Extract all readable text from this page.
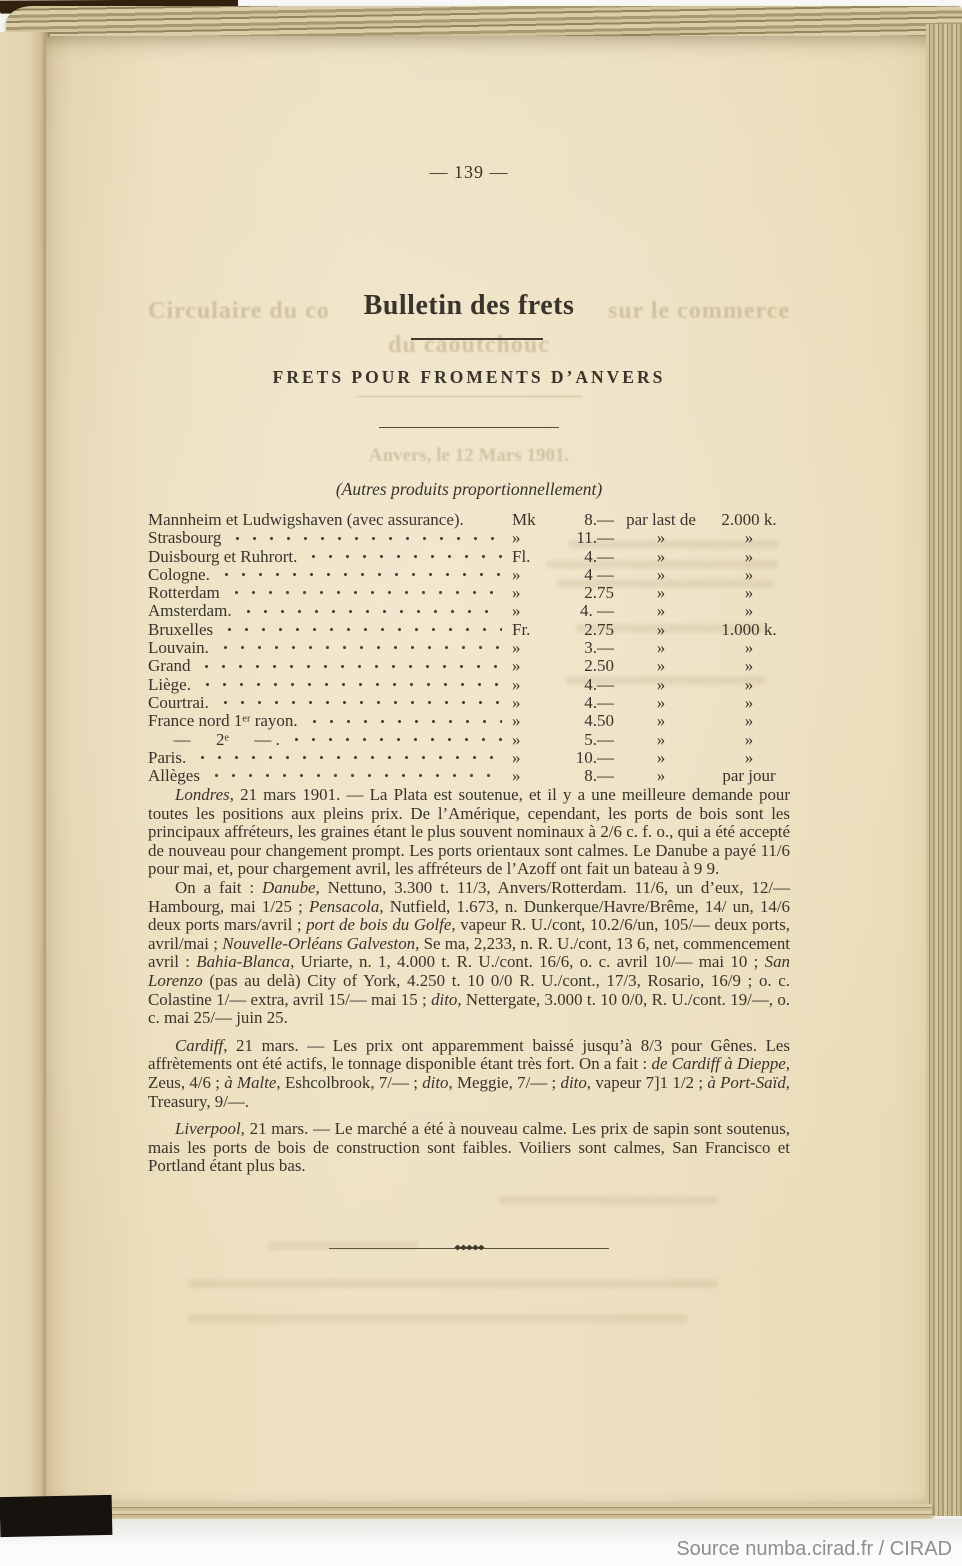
Circulaire du co	sur le commerce
du caoutchouc
Anvers, le 12 Mars 1901.
— 139 —
Bulletin des frets
FRETS POUR FROMENTS D’ANVERS
(Autres produits proportionnellement)
Mannheim et Ludwigshaven (avec assurance).	Mk	8.— par last de	2.000 k.
Strasbourg	»	11.—	»	»
Duisbourg et Ruhrort.	Fl.	4.—	»	»
Cologne.	»	4 —	»	»
Rotterdam	»	2.75	»	»
Amsterdam.	»	4. —	»	»
Bruxelles	Fr.	2.75	»	1.000 k.
Louvain.	»	3.—	»	»
Grand	»	2.50	»	»
Liège.	»	4.—	»	»
Courtrai.	»	4.—	»	»
France nord 1ᵉʳ rayon.	»	4.50	»	»
—      2ᵉ      — .	»	5.—	»	»
Paris.	»	10.—	»	»
Allèges	»	8.—	»	par jour

Londres, 21 mars 1901. — La Plata est soutenue, et il y a une meilleure demande pour toutes les positions aux pleins prix. De l’Amérique, cependant, les ports de bois sont les principaux affréteurs, les graines étant le plus souvent nominaux à 2/6 c. f. o., qui a été accepté de nouveau pour changement prompt. Les ports orientaux sont calmes. Le Danube a payé 11/6 pour mai, et, pour chargement avril, les affréteurs de l’Azoff ont fait un bateau à 9 9.

On a fait : Danube, Nettuno, 3.300 t. 11/3, Anvers/Rotterdam. 11/6, un d’eux, 12/— Hambourg, mai 1/25 ; Pensacola, Nutfield, 1.673, n. Dunkerque/Havre/Brême, 14/ un, 14/6 deux ports mars/avril ; port de bois du Golfe, vapeur R. U./cont, 10.2/6/un, 105/— deux ports, avril/mai ; Nouvelle-Orléans Galveston, Se ma, 2,233, n. R. U./cont, 13 6, net, commencement avril : Bahia-Blanca, Uriarte, n. 1, 4.000 t. R. U./cont. 16/6, o. c. avril 10/— mai 10 ; San Lorenzo (pas au delà) City of York, 4.250 t. 10 0/0 R. U./cont., 17/3, Rosario, 16/9 ; o. c. Colastine 1/— extra, avril 15/— mai 15 ; dito, Nettergate, 3.000 t. 10 0/0, R. U./cont. 19/—, o. c. mai 25/— juin 25.

Cardiff, 21 mars. — Les prix ont apparemment baissé jusqu’à 8/3 pour Gênes. Les affrètements ont été actifs, le tonnage disponible étant très fort. On a fait : de Cardiff à Dieppe, Zeus, 4/6 ; à Malte, Eshcolbrook, 7/— ; dito, Meggie, 7/— ; dito, vapeur 7]1 1/2 ; à Port-Saïd, Treasury, 9/—.

Liverpool, 21 mars. — Le marché a été à nouveau calme. Les prix de sapin sont soutenus, mais les ports de bois de construction sont faibles. Voiliers sont calmes, San Francisco et Portland étant plus bas.

◆◆◆◆◆
Source numba.cirad.fr / CIRAD
